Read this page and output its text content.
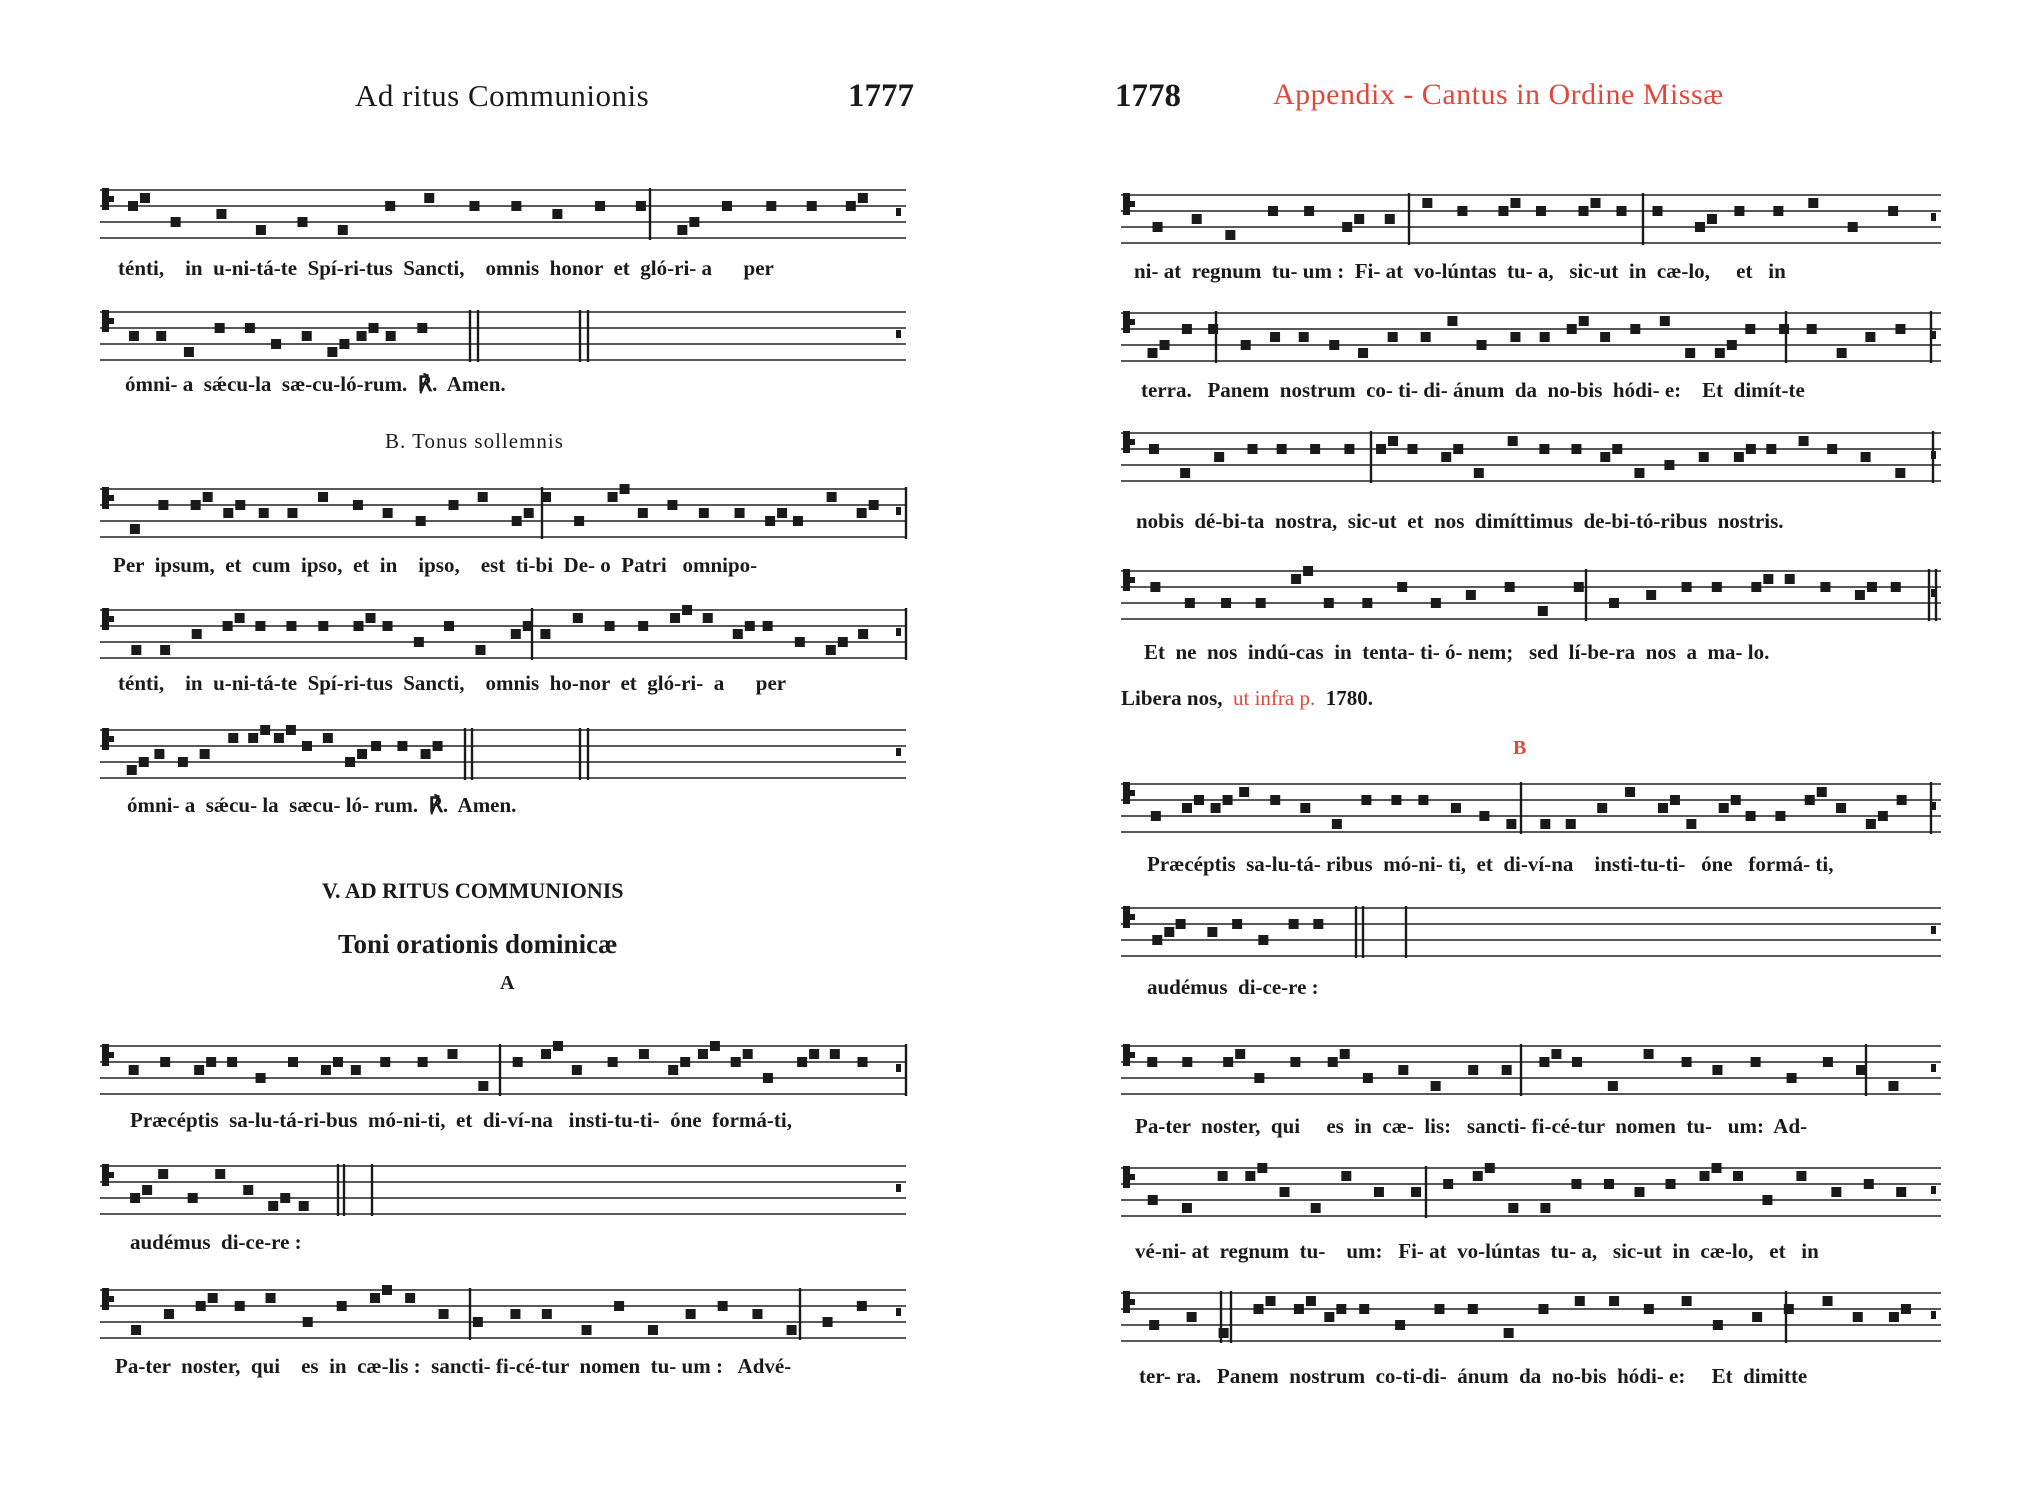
Ad ritus Communionis	1777
ténti,    in  u-ni-tá-te  Spí-ri-tus  Sancti,    omnis  honor  et  gló-ri- a      per
ómni- a  sǽcu-la  sæ-cu-ló-rum.  ℟.  Amen.
B. Tonus sollemnis
Per  ipsum,  et  cum  ipso,  et  in    ipso,    est  ti-bi  De- o  Patri   omnipo-
ténti,    in  u-ni-tá-te  Spí-ri-tus  Sancti,    omnis  ho-nor  et  gló-ri-  a      per
ómni- a  sǽcu- la  sæcu- ló- rum.  ℟.  Amen.
V. AD RITUS COMMUNIONIS
Toni orationis dominicæ
A
Præcéptis  sa-lu-tá-ri-bus  mó-ni-ti,  et  di-ví-na   insti-tu-ti-  óne  formá-ti,
audémus  di-ce-re :
Pa-ter  noster,  qui    es  in  cæ-lis :  sancti- fi-cé-tur  nomen  tu- um :   Advé-
1778	Appendix - Cantus in Ordine Missæ
ni- at  regnum  tu- um :  Fi- at  vo-lúntas  tu- a,   sic-ut  in  cæ-lo,     et   in
terra.   Panem  nostrum  co- ti- di- ánum  da  no-bis  hódi- e:    Et  dimít-te
nobis  dé-bi-ta  nostra,  sic-ut  et  nos  dimíttimus  de-bi-tó-ribus  nostris.
Et  ne  nos  indú-cas  in  tenta- ti- ó- nem;   sed  lí-be-ra  nos  a  ma- lo.
Libera nos, ut infra p. 1780.
B
Præcéptis  sa-lu-tá- ribus  mó-ni- ti,  et  di-ví-na    insti-tu-ti-   óne   formá- ti,
audémus  di-ce-re :
Pa-ter  noster,  qui     es  in  cæ-  lis:   sancti- fi-cé-tur  nomen  tu-   um:  Ad-
vé-ni- at  regnum  tu-    um:   Fi- at  vo-lúntas  tu- a,   sic-ut  in  cæ-lo,   et   in
ter- ra.   Panem  nostrum  co-ti-di-  ánum  da  no-bis  hódi- e:     Et  dimitte
